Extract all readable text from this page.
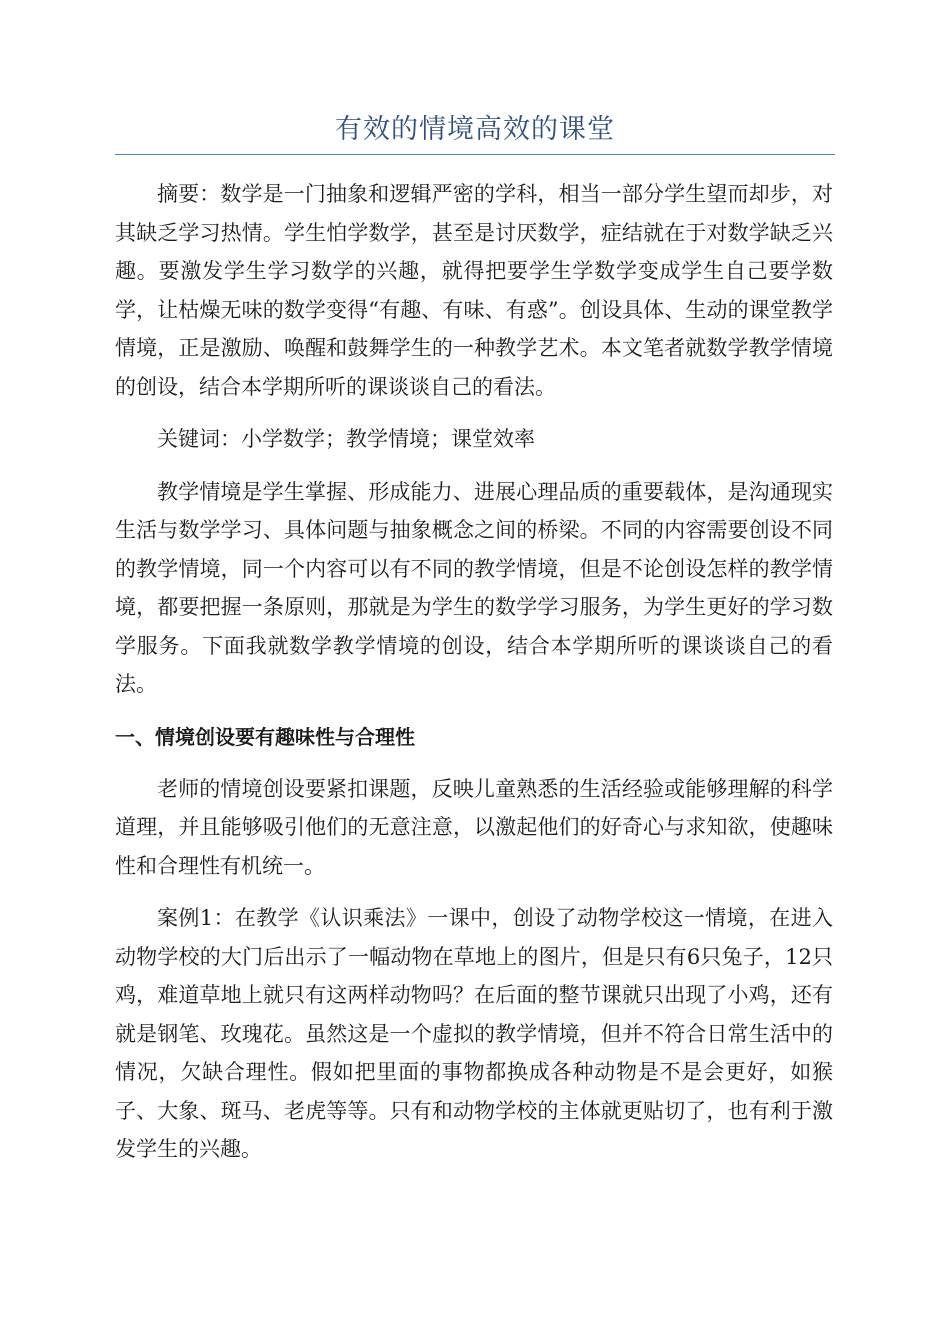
有效的情境高效的课堂

摘要：数学是一门抽象和逻辑严密的学科，相当一部分学生望而却步，对其缺乏学习热情。学生怕学数学，甚至是讨厌数学，症结就在于对数学缺乏兴趣。要激发学生学习数学的兴趣，就得把要学生学数学变成学生自己要学数学，让枯燥无味的数学变得“有趣、有味、有惑”。创设具体、生动的课堂教学情境，正是激励、唤醒和鼓舞学生的一种教学艺术。本文笔者就数学教学情境的创设，结合本学期所听的课谈谈自己的看法。

关键词：小学数学；教学情境；课堂效率

教学情境是学生掌握、形成能力、进展心理品质的重要载体，是沟通现实生活与数学学习、具体问题与抽象概念之间的桥梁。不同的内容需要创设不同的教学情境，同一个内容可以有不同的教学情境，但是不论创设怎样的教学情境，都要把握一条原则，那就是为学生的数学学习服务，为学生更好的学习数学服务。下面我就数学教学情境的创设，结合本学期所听的课谈谈自己的看法。

一、情境创设要有趣味性与合理性

老师的情境创设要紧扣课题，反映儿童熟悉的生活经验或能够理解的科学道理，并且能够吸引他们的无意注意，以激起他们的好奇心与求知欲，使趣味性和合理性有机统一。

案例1：在教学《认识乘法》一课中，创设了动物学校这一情境，在进入动物学校的大门后出示了一幅动物在草地上的图片，但是只有6只兔子，12只鸡，难道草地上就只有这两样动物吗？在后面的整节课就只出现了小鸡，还有就是钢笔、玫瑰花。虽然这是一个虚拟的教学情境，但并不符合日常生活中的情况，欠缺合理性。假如把里面的事物都换成各种动物是不是会更好，如猴子、大象、斑马、老虎等等。只有和动物学校的主体就更贴切了，也有利于激发学生的兴趣。
